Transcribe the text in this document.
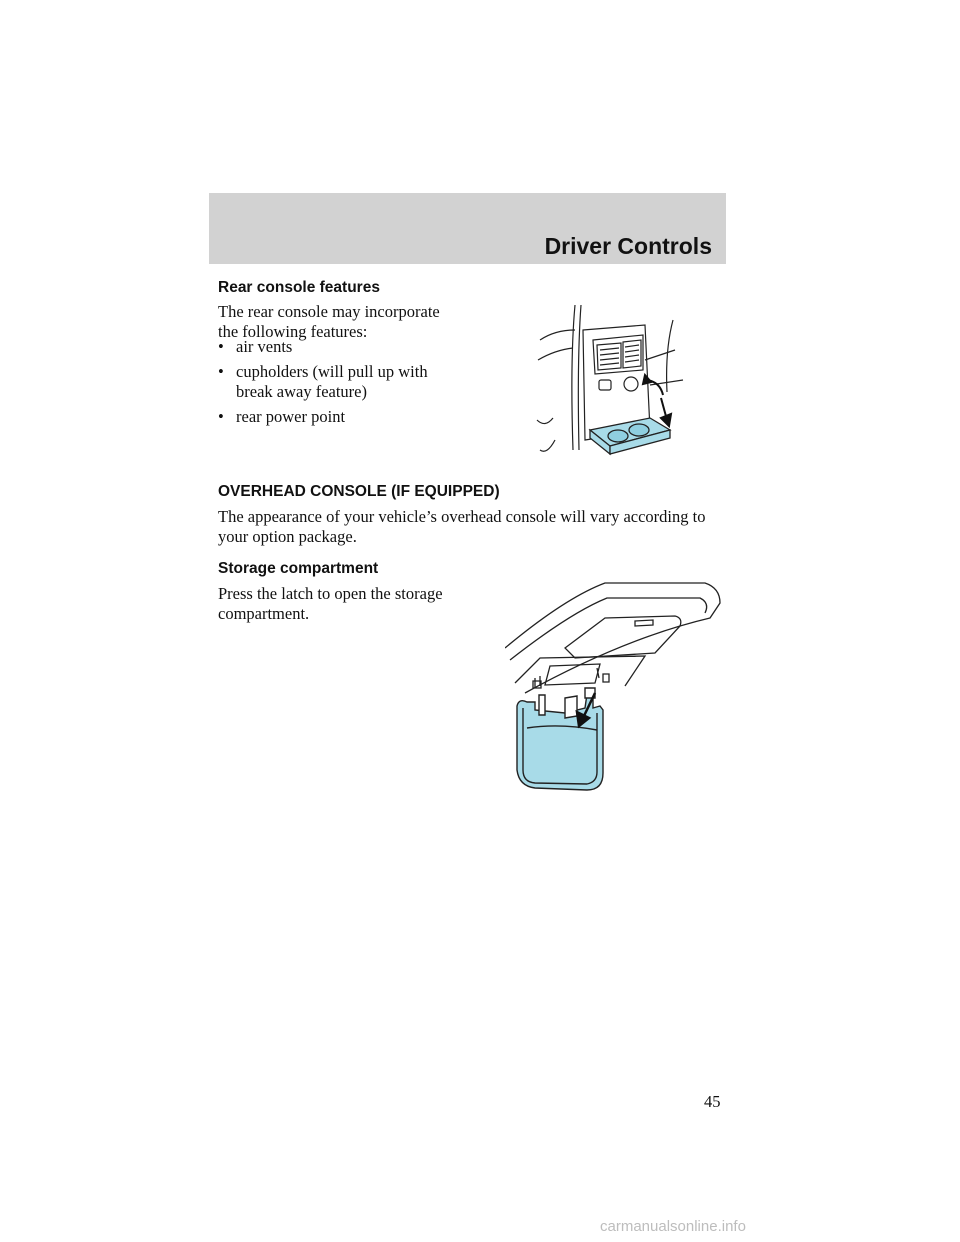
Driver Controls
Rear console features

The rear console may incorporate the following features:

• air vents
• cupholders (will pull up with
break away feature)
• rear power point
OVERHEAD CONSOLE (IF EQUIPPED)

The appearance of your vehicle’s overhead console will vary according to
your option package.

Storage compartment

Press the latch to open the storage
compartment.

45
carmanualsonline.info
